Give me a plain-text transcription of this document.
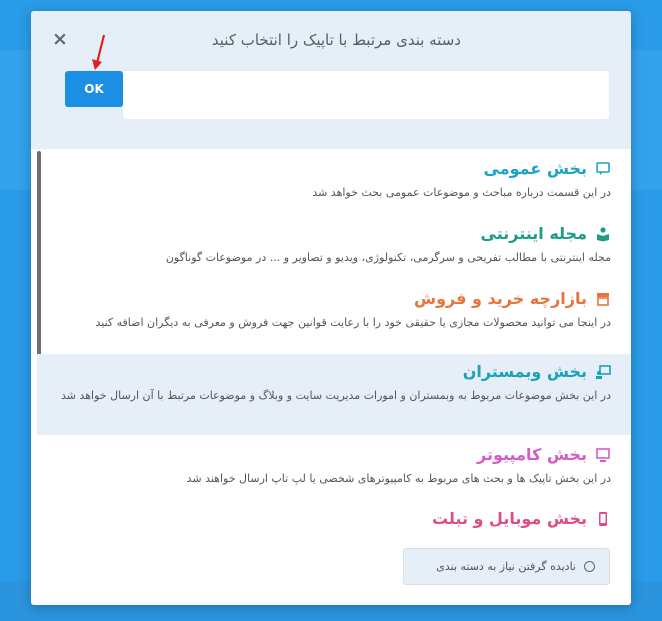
×	دسته بندی مرتبط با تاپیک را انتخاب کنید
OK
بخش عمومی
در این قسمت درباره مباحث و موضوعات عمومی بحث خواهد شد
مجله اینترنتی
مجله اینترنتی با مطالب تفریحی و سرگرمی، تکنولوژی، ویدیو و تصاویر و ... در موضوعات گوناگون
بازارچه خرید و فروش
در اینجا می توانید محصولات مجازی یا حقیقی خود را با رعایت قوانین جهت فروش و معرفی به دیگران اضافه کنید
بخش وبمستران
در این بخش موضوعات مربوط به وبمستران و امورات مدیریت سایت و وبلاگ و موضوعات مرتبط با آن ارسال خواهد شد
بخش کامپیوتر
در این بخش تاپیک ها و بحث های مربوط به کامپیوترهای شخصی یا لپ تاپ ارسال خواهند شد
بخش موبایل و تبلت
نادیده گرفتن نیاز به دسته بندی
